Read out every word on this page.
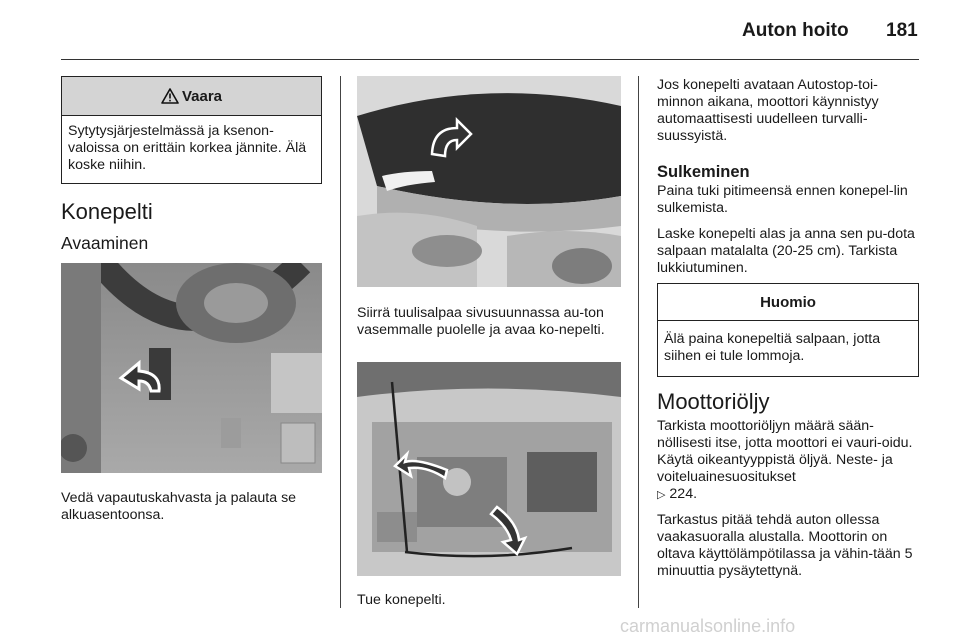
Auton hoito 181
Vaara
Sytytysjärjestelmässä ja ksenon-valoissa on erittäin korkea jännite. Älä koske niihin.
Konepelti
Avaaminen
Vedä vapautuskahvasta ja palauta se alkuasentoonsa.
Siirrä tuulisalpaa sivusuunnassa au-ton vasemmalle puolelle ja avaa ko-nepelti.
Tue konepelti.
Jos konepelti avataan Autostop-toi-minnon aikana, moottori käynnistyy automaattisesti uudelleen turvalli-suussyistä.
Sulkeminen
Paina tuki pitimeensä ennen konepel-lin sulkemista.
Laske konepelti alas ja anna sen pu-dota salpaan matalalta (20-25 cm). Tarkista lukkiutuminen.
Huomio
Älä paina konepeltiä salpaan, jotta siihen ei tule lommoja.
Moottoriöljy
Tarkista moottoriöljyn määrä sään-nöllisesti itse, jotta moottori ei vauri-oidu. Käytä oikeantyyppistä öljyä. Neste- ja voiteluainesuositukset
▷ 224.
Tarkastus pitää tehdä auton ollessa vaakasuoralla alustalla. Moottorin on oltava käyttölämpötilassa ja vähin-tään 5 minuuttia pysäytettynä.
carmanualsonline.info
